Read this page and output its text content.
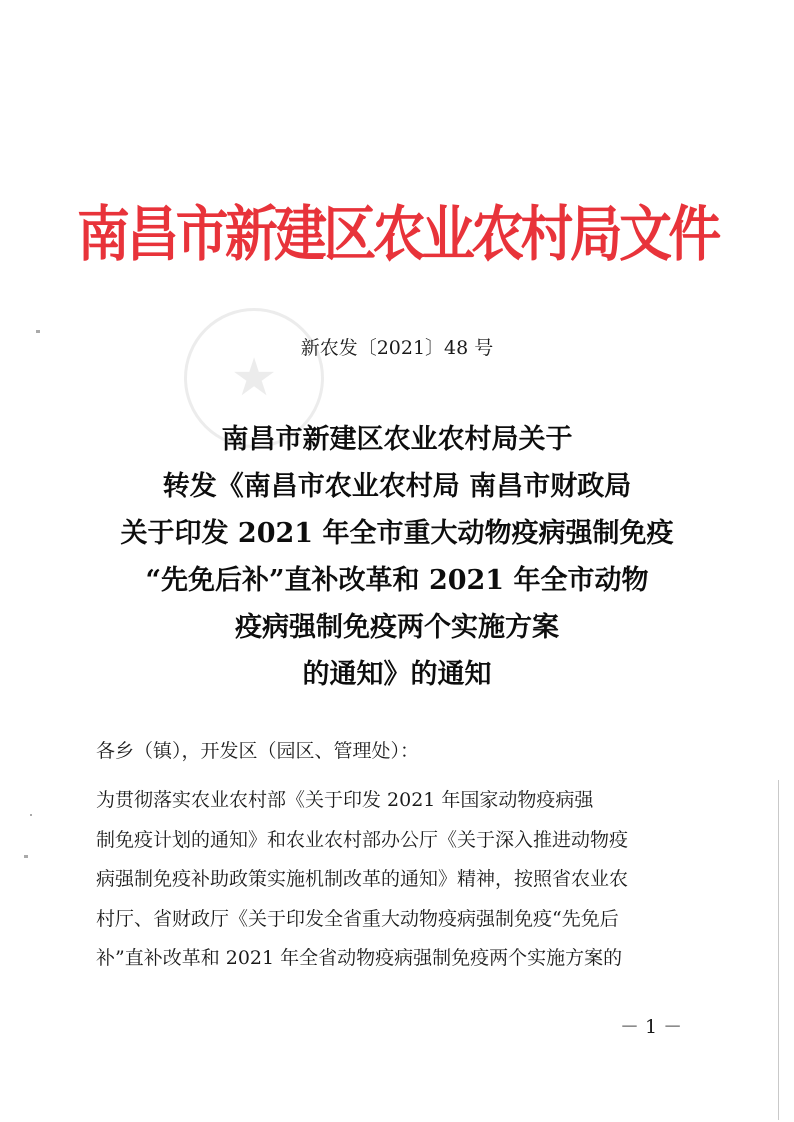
★
南昌市新建区农业农村局文件
新农发〔2021〕48 号
南昌市新建区农业农村局关于
转发《南昌市农业农村局 南昌市财政局
关于印发 2021 年全市重大动物疫病强制免疫
“先免后补”直补改革和 2021 年全市动物
疫病强制免疫两个实施方案
的通知》的通知
各乡（镇），开发区（园区、管理处）：
为贯彻落实农业农村部《关于印发 2021 年国家动物疫病强
制免疫计划的通知》和农业农村部办公厅《关于深入推进动物疫
病强制免疫补助政策实施机制改革的通知》精神，按照省农业农
村厅、省财政厅《关于印发全省重大动物疫病强制免疫“先免后
补”直补改革和 2021 年全省动物疫病强制免疫两个实施方案的
－ 1 －
